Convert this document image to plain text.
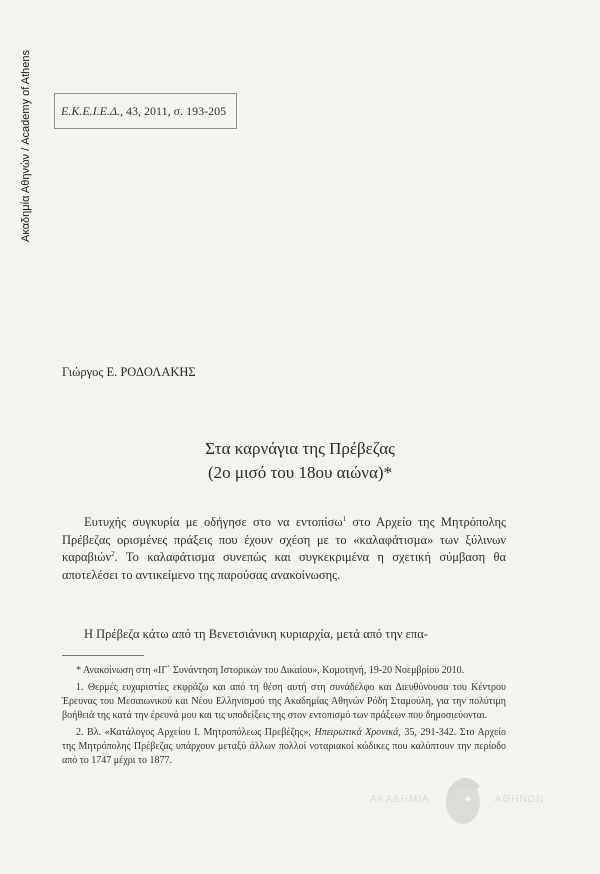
Ακαδημία Αθηνών / Academy of Athens Ε.Κ.Ε.Ι.Ε.Δ. , 43, 2011, σ. 193-205
Γιώργος Ε. ΡΟΔΟΛΑΚΗΣ
Στα καρνάγια της Πρέβεζας
(2ο μισό του 18ου αιώνα)*
Ευτυχής συγκυρία με οδήγησε στο να εντοπίσω$^1$ στο Αρχείο της Μητρόπολης Πρέβεζας ορισμένες πράξεις που έχουν σχέση με το «καλαφάτισμα» των ξύλινων καραβιών$^2$. Το καλαφάτισμα συνεπώς και συγκεκριμένα η σχετική σύμβαση θα αποτελέσει το αντικείμενο της παρούσας ανακοίνωσης.
Η Πρέβεζα κάτω από τη Βενετσιάνικη κυριαρχία, μετά από την επα-

* Ανακοίνωση στη «ΙΓ΄ Συνάντηση Ιστορικών του Δικαίου», Κομοτηνή, 19-20 Νοεμβρίου 2010.

1. Θερμές ευχαριστίες εκφράζω και από τη θέση αυτή στη συνάδελφο και Διευθύνουσα του Κέντρου Έρευνας του Μεσαιωνικού και Νέου Ελληνισμού της Ακαδημίας Αθηνών Ρόδη Σταμούλη, για την πολύτιμη βοήθειά της κατά την έρευνά μου και τις υποδείξεις της στον εντοπισμό των πράξεων που δημοσιεύονται.

2. Βλ. «Κατάλογος Αρχείου Ι. Μητροπόλεως Πρεβέζης», Ηπειρωτικά Χρονικά, 35, 291-342. Στο Αρχείο της Μητρόπολης Πρέβεζας υπάρχουν μεταξύ άλλων πολλοί νοταριακοί κώδικες που καλύπτουν την περίοδο από το 1747 μέχρι το 1877.

ΑΚΑΔΗΜΙΑ	ΑΘΗΝΩΝ
